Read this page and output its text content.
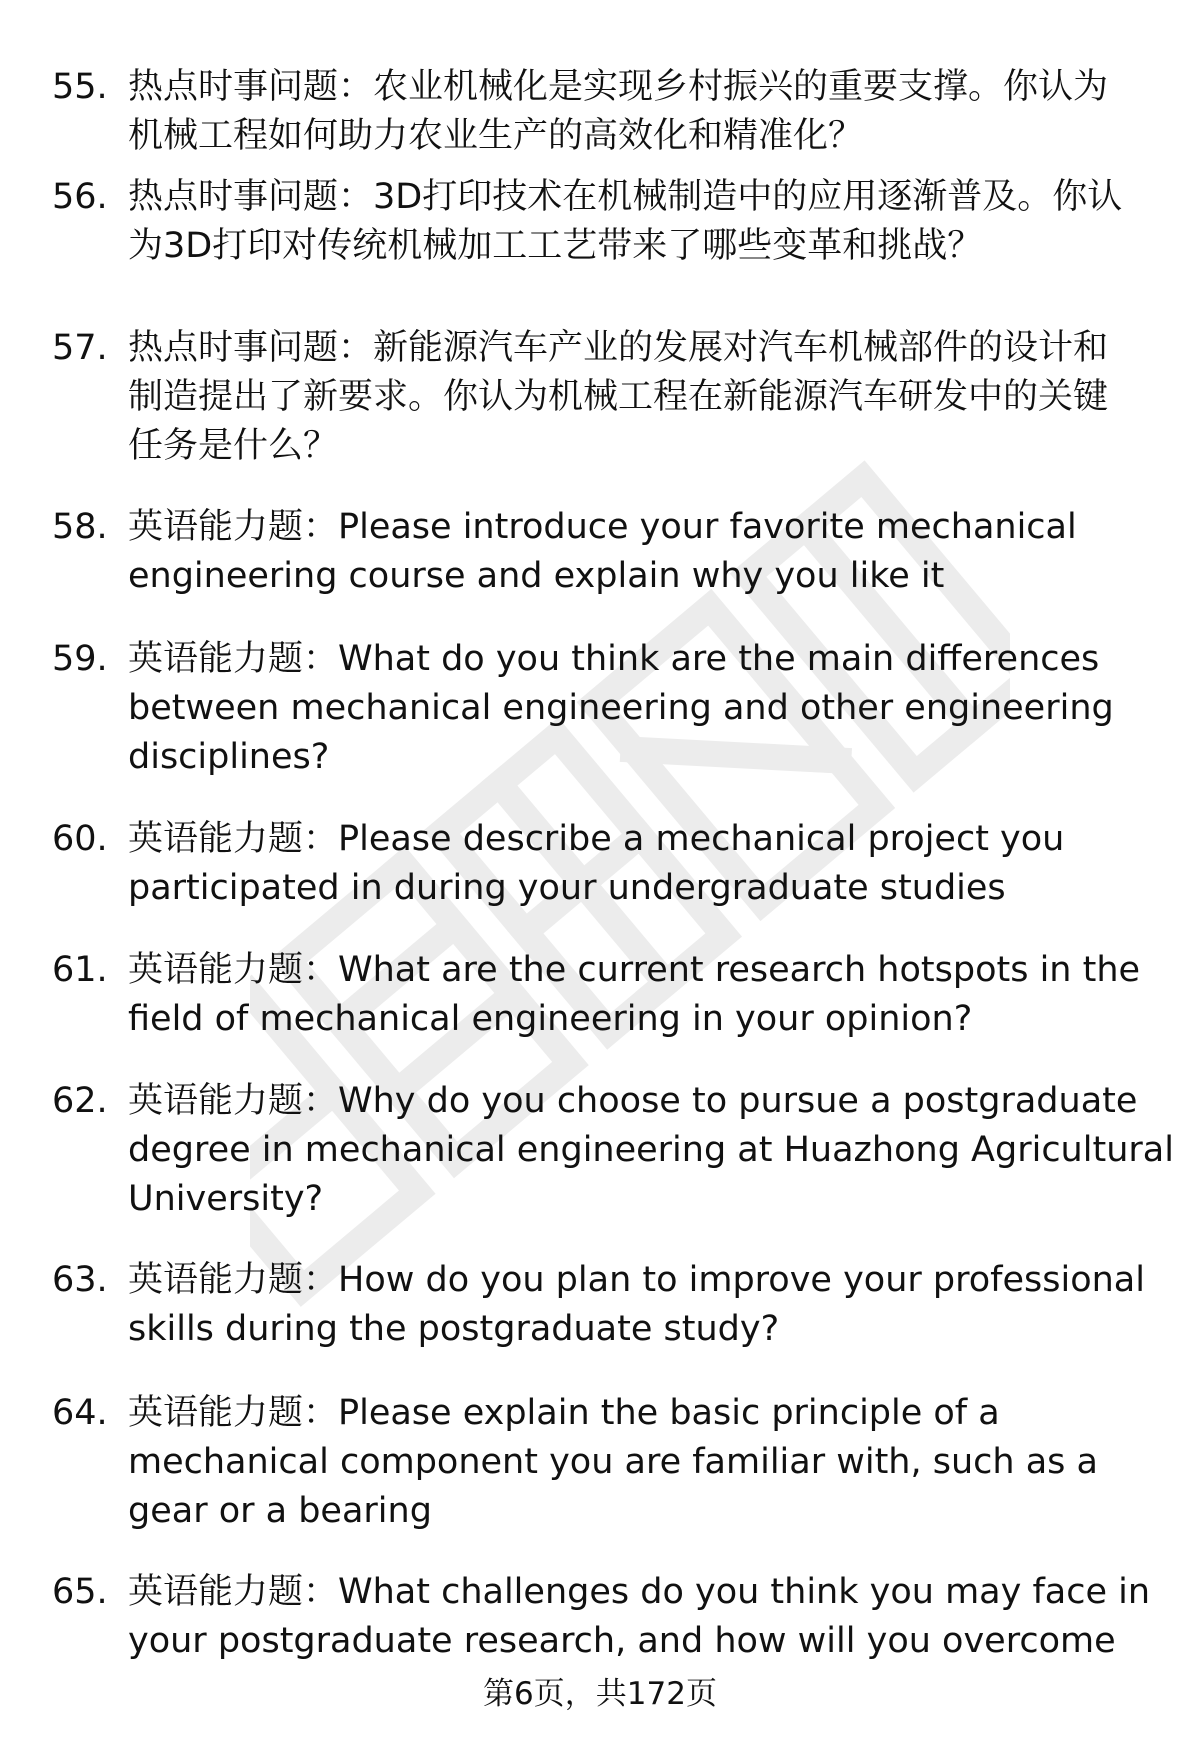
55. 热点时事问题：农业机械化是实现乡村振兴的重要支撑。你认为
机械工程如何助力农业生产的高效化和精准化？
56. 热点时事问题：3D打印技术在机械制造中的应用逐渐普及。你认
为3D打印对传统机械加工工艺带来了哪些变革和挑战？
57. 热点时事问题：新能源汽车产业的发展对汽车机械部件的设计和
制造提出了新要求。你认为机械工程在新能源汽车研发中的关键
任务是什么？
58. 英语能力题：Please introduce your favorite mechanical
engineering course and explain why you like it
59. 英语能力题：What do you think are the main differences
between mechanical engineering and other engineering
disciplines?
60. 英语能力题：Please describe a mechanical project you
participated in during your undergraduate studies
61. 英语能力题：What are the current research hotspots in the
field of mechanical engineering in your opinion?
62. 英语能力题：Why do you choose to pursue a postgraduate
degree in mechanical engineering at Huazhong Agricultural
University?
63. 英语能力题：How do you plan to improve your professional
skills during the postgraduate study?
64. 英语能力题：Please explain the basic principle of a
mechanical component you are familiar with, such as a
gear or a bearing
65. 英语能力题：What challenges do you think you may face in
your postgraduate research, and how will you overcome
第6页，共172页
